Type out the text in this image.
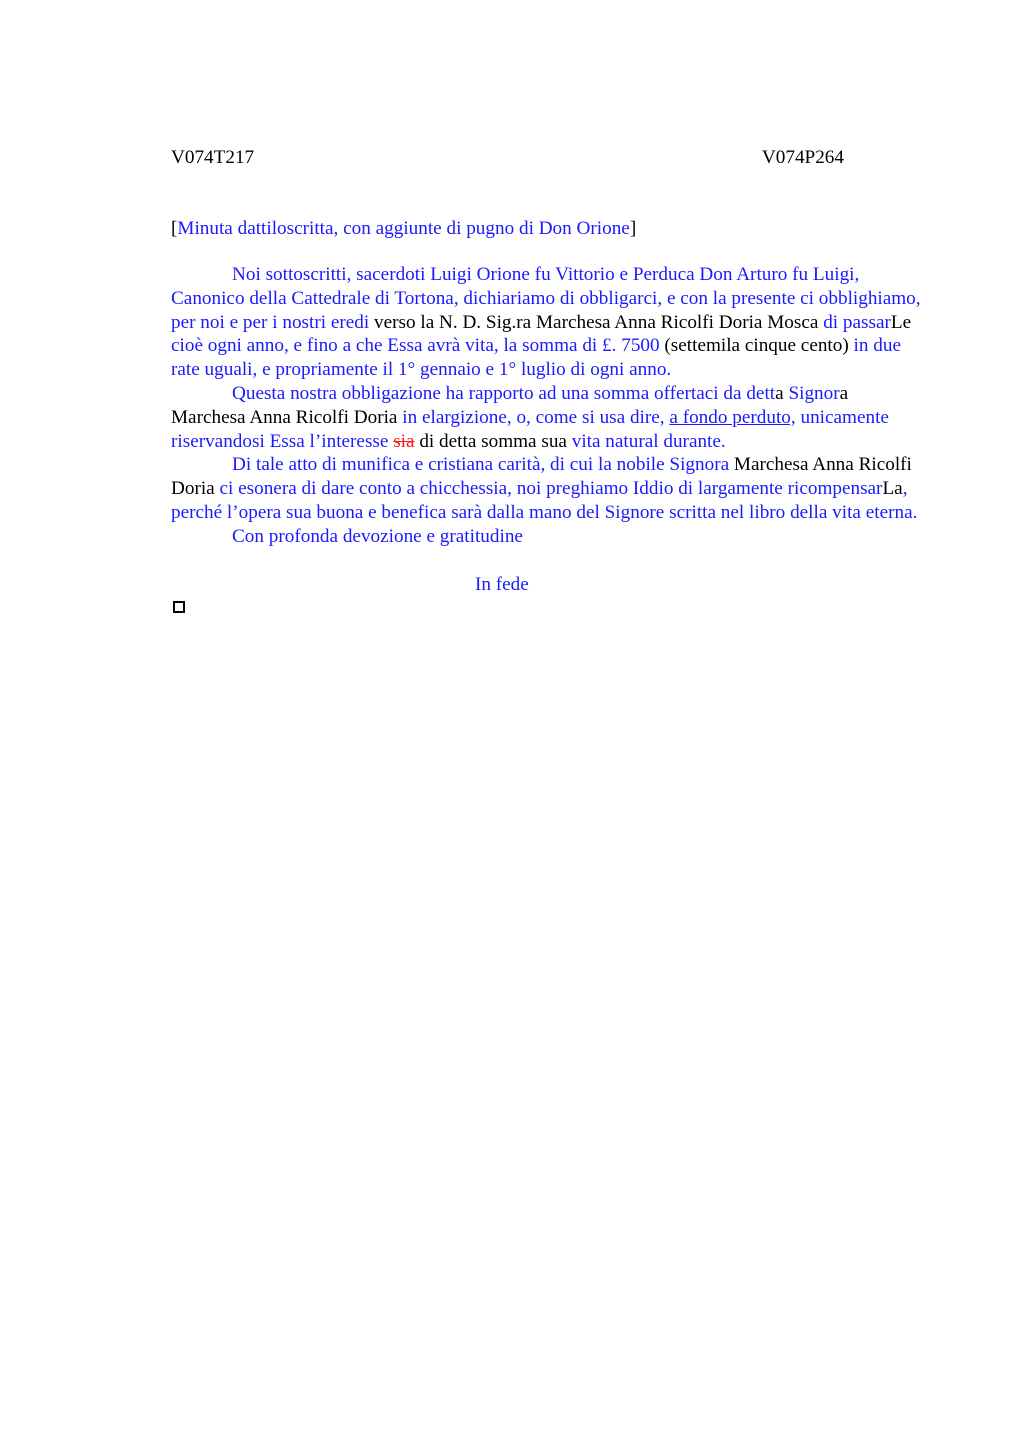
V074T217	V074P264
[Minuta dattiloscritta, con aggiunte di pugno di Don Orione]

Noi sottoscritti, sacerdoti Luigi Orione fu Vittorio e Perduca Don Arturo fu Luigi, Canonico della Cattedrale di Tortona, dichiariamo di obbligarci, e con la presente ci obblighiamo, per noi e per i nostri eredi verso la N. D. Sig.ra Marchesa Anna Ricolfi Doria Mosca di passarLe cioè ogni anno, e fino a che Essa avrà vita, la somma di £. 7500 (settemila cinque cento) in due rate uguali, e propriamente il 1° gennaio e 1° luglio di ogni anno.

Questa nostra obbligazione ha rapporto ad una somma offertaci da detta Signora Marchesa Anna Ricolfi Doria in elargizione, o, come si usa dire, a fondo perduto, unicamente riservandosi Essa l’interesse sia di detta somma sua vita natural durante.

Di tale atto di munifica e cristiana carità, di cui la nobile Signora Marchesa Anna Ricolfi Doria ci esonera di dare conto a chicchessia, noi preghiamo Iddio di largamente ricompensarLa, perché l’opera sua buona e benefica sarà dalla mano del Signore scritta nel libro della vita eterna.

Con profonda devozione e gratitudine

In fede
